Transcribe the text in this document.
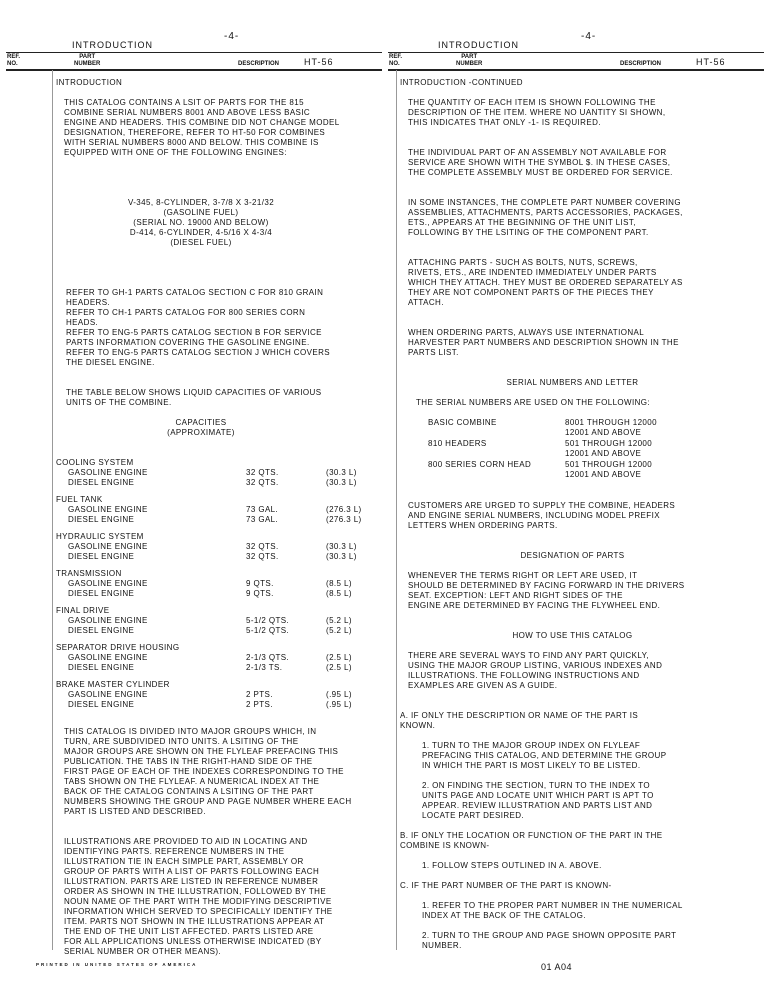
-4-	-4-
INTRODUCTION
REF.
NO.
PART
NUMBER	DESCRIPTION	HT-56

INTRODUCTION

THIS CATALOG CONTAINS A LSIT OF PARTS FOR THE 815
COMBINE SERIAL NUMBERS 8001 AND ABOVE LESS BASIC
ENGINE AND HEADERS. THIS COMBINE DID NOT CHANGE MODEL
DESIGNATION, THEREFORE, REFER TO HT-50 FOR COMBINES
WITH SERIAL NUMBERS 8000 AND BELOW. THIS COMBINE IS
EQUIPPED WITH ONE OF THE FOLLOWING ENGINES:

V-345, 8-CYLINDER, 3-7/8 X 3-21/32
(GASOLINE FUEL)
(SERIAL NO. 19000 AND BELOW)
D-414, 6-CYLINDER, 4-5/16 X 4-3/4
(DIESEL FUEL)

REFER TO GH-1 PARTS CATALOG SECTION C FOR 810 GRAIN
HEADERS.
REFER TO CH-1 PARTS CATALOG FOR 800 SERIES CORN
HEADS.
REFER TO ENG-5 PARTS CATALOG SECTION B FOR SERVICE
PARTS INFORMATION COVERING THE GASOLINE ENGINE.
REFER TO ENG-5 PARTS CATALOG SECTION J WHICH COVERS
THE DIESEL ENGINE.

THE TABLE BELOW SHOWS LIQUID CAPACITIES OF VARIOUS
UNITS OF THE COMBINE.

CAPACITIES
(APPROXIMATE)

COOLING SYSTEM

GASOLINE ENGINE	32 QTS.	(30.3 L)
DIESEL ENGINE	32 QTS.	(30.3 L)

FUEL TANK

GASOLINE ENGINE	73 GAL.	(276.3 L)
DIESEL ENGINE	73 GAL.	(276.3 L)

HYDRAULIC SYSTEM

GASOLINE ENGINE	32 QTS.	(30.3 L)
DIESEL ENGINE	32 QTS.	(30.3 L)

TRANSMISSION

GASOLINE ENGINE	9 QTS.	(8.5 L)
DIESEL ENGINE	9 QTS.	(8.5 L)

FINAL DRIVE

GASOLINE ENGINE	5-1/2 QTS.	(5.2 L)
DIESEL ENGINE	5-1/2 QTS.	(5.2 L)

SEPARATOR DRIVE HOUSING

GASOLINE ENGINE	2-1/3 QTS.	(2.5 L)
DIESEL ENGINE	2-1/3 TS.	(2.5 L)

BRAKE MASTER CYLINDER

GASOLINE ENGINE	2 PTS.	(.95 L)
DIESEL ENGINE	2 PTS.	(.95 L)

THIS CATALOG IS DIVIDED INTO MAJOR GROUPS WHICH, IN
TURN, ARE SUBDIVIDED INTO UNITS. A LSITING OF THE
MAJOR GROUPS ARE SHOWN ON THE FLYLEAF PREFACING THIS
PUBLICATION. THE TABS IN THE RIGHT-HAND SIDE OF THE
FIRST PAGE OF EACH OF THE INDEXES CORRESPONDING TO THE
TABS SHOWN ON THE FLYLEAF. A NUMERICAL INDEX AT THE
BACK OF THE CATALOG CONTAINS A LSITING OF THE PART
NUMBERS SHOWING THE GROUP AND PAGE NUMBER WHERE EACH
PART IS LISTED AND DESCRIBED.

ILLUSTRATIONS ARE PROVIDED TO AID IN LOCATING AND
IDENTIFYING PARTS. REFERENCE NUMBERS IN THE
ILLUSTRATION TIE IN EACH SIMPLE PART, ASSEMBLY OR
GROUP OF PARTS WITH A LIST OF PARTS FOLLOWING EACH
ILLUSTRATION. PARTS ARE LISTED IN REFERENCE NUMBER
ORDER AS SHOWN IN THE ILLUSTRATION, FOLLOWED BY THE
NOUN NAME OF THE PART WITH THE MODIFYING DESCRIPTIVE
INFORMATION WHICH SERVED TO SPECIFICALLY IDENTIFY THE
ITEM. PARTS NOT SHOWN IN THE ILLUSTRATIONS APPEAR AT
THE END OF THE UNIT LIST AFFECTED. PARTS LISTED ARE
FOR ALL APPLICATIONS UNLESS OTHERWISE INDICATED (BY
SERIAL NUMBER OR OTHER MEANS).

INTRODUCTION
REF.
NO.
PART
NUMBER	DESCRIPTION	HT-56

INTRODUCTION -CONTINUED

THE QUANTITY OF EACH ITEM IS SHOWN FOLLOWING THE
DESCRIPTION OF THE ITEM. WHERE NO UANTITY SI SHOWN,
THIS INDICATES THAT ONLY -1- IS REQUIRED.

THE INDIVIDUAL PART OF AN ASSEMBLY NOT AVAILABLE FOR
SERVICE ARE SHOWN WITH THE SYMBOL $. IN THESE CASES,
THE COMPLETE ASSEMBLY MUST BE ORDERED FOR SERVICE.

IN SOME INSTANCES, THE COMPLETE PART NUMBER COVERING
ASSEMBLIES, ATTACHMENTS, PARTS ACCESSORIES, PACKAGES,
ETS., APPEARS AT THE BEGINNING OF THE UNIT LIST,
FOLLOWING BY THE LSITING OF THE COMPONENT PART.

ATTACHING PARTS - SUCH AS BOLTS, NUTS, SCREWS,
RIVETS, ETS., ARE INDENTED IMMEDIATELY UNDER PARTS
WHICH THEY ATTACH. THEY MUST BE ORDERED SEPARATELY AS
THEY ARE NOT COMPONENT PARTS OF THE PIECES THEY
ATTACH.

WHEN ORDERING PARTS, ALWAYS USE INTERNATIONAL
HARVESTER PART NUMBERS AND DESCRIPTION SHOWN IN THE
PARTS LIST.

SERIAL NUMBERS AND LETTER

THE SERIAL NUMBERS ARE USED ON THE FOLLOWING:

BASIC COMBINE	8001 THROUGH 12000
12001 AND ABOVE
810 HEADERS	501 THROUGH 12000
12001 AND ABOVE
800 SERIES CORN HEAD	501 THROUGH 12000
12001 AND ABOVE

CUSTOMERS ARE URGED TO SUPPLY THE COMBINE, HEADERS
AND ENGINE SERIAL NUMBERS, INCLUDING MODEL PREFIX
LETTERS WHEN ORDERING PARTS.

DESIGNATION OF PARTS

WHENEVER THE TERMS RIGHT OR LEFT ARE USED, IT
SHOULD BE DETERMINED BY FACING FORWARD IN THE DRIVERS
SEAT. EXCEPTION: LEFT AND RIGHT SIDES OF THE
ENGINE ARE DETERMINED BY FACING THE FLYWHEEL END.

HOW TO USE THIS CATALOG

THERE ARE SEVERAL WAYS TO FIND ANY PART QUICKLY,
USING THE MAJOR GROUP LISTING, VARIOUS INDEXES AND
ILLUSTRATIONS. THE FOLLOWING INSTRUCTIONS AND
EXAMPLES ARE GIVEN AS A GUIDE.

A. IF ONLY THE DESCRIPTION OR NAME OF THE PART IS
KNOWN.

1. TURN TO THE MAJOR GROUP INDEX ON FLYLEAF
PREFACING THIS CATALOG, AND DETERMINE THE GROUP
IN WHICH THE PART IS MOST LIKELY TO BE LISTED.

2. ON FINDING THE SECTION, TURN TO THE INDEX TO
UNITS PAGE AND LOCATE UNIT WHICH PART IS APT TO
APPEAR. REVIEW ILLUSTRATION AND PARTS LIST AND
LOCATE PART DESIRED.

B. IF ONLY THE LOCATION OR FUNCTION OF THE PART IN THE
COMBINE IS KNOWN-

1. FOLLOW STEPS OUTLINED IN A. ABOVE.

C. IF THE PART NUMBER OF THE PART IS KNOWN-

1. REFER TO THE PROPER PART NUMBER IN THE NUMERICAL
INDEX AT THE BACK OF THE CATALOG.

2. TURN TO THE GROUP AND PAGE SHOWN OPPOSITE PART
NUMBER.

PRINTED IN UNITED STATES OF AMERICA	01 A04
